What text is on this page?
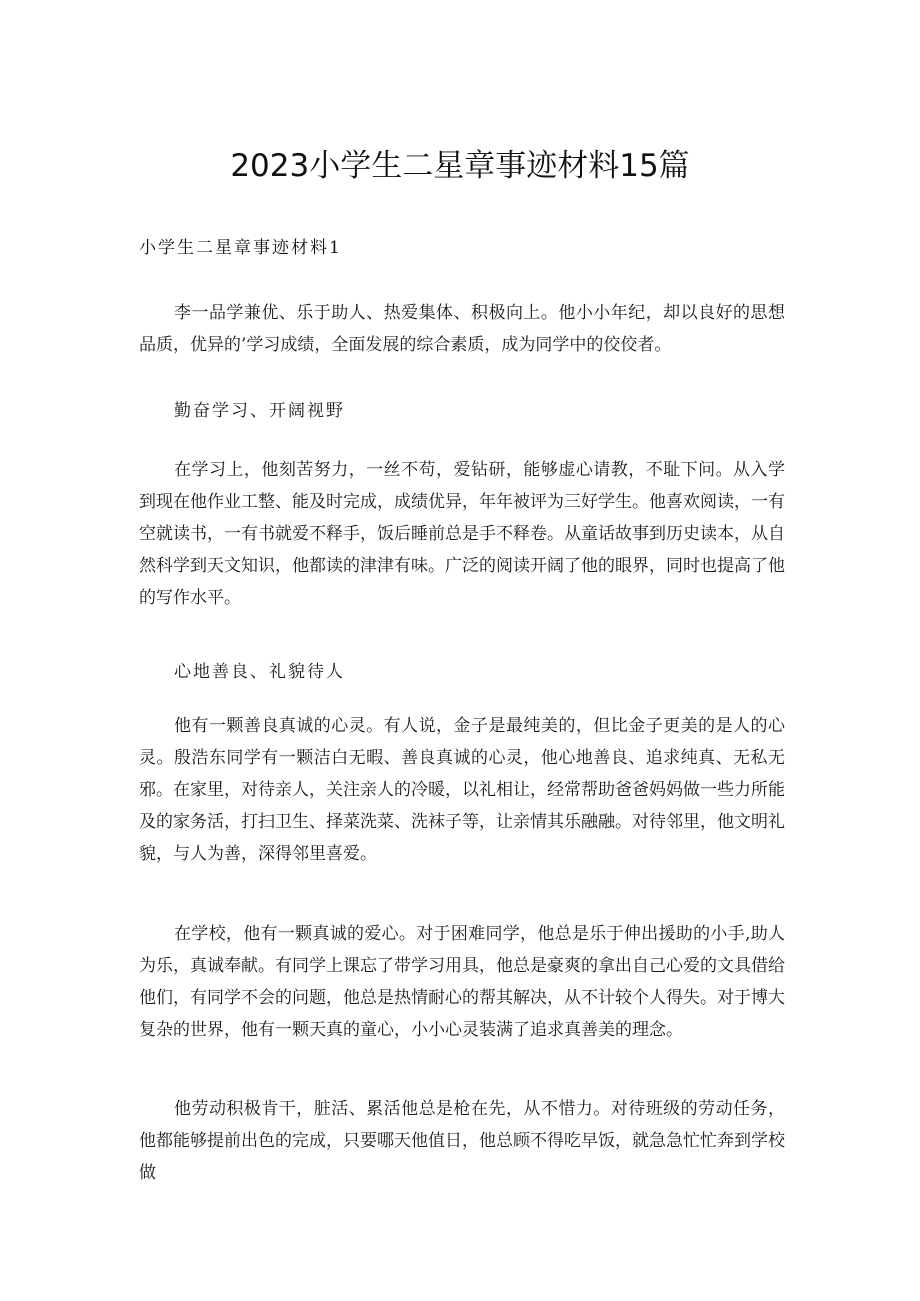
2023小学生二星章事迹材料15篇
小学生二星章事迹材料1

李一品学兼优、乐于助人、热爱集体、积极向上。他小小年纪，却以良好的思想品质，优异的’学习成绩，全面发展的综合素质，成为同学中的佼佼者。

勤奋学习、开阔视野

在学习上，他刻苦努力，一丝不苟，爱钻研，能够虚心请教，不耻下问。从入学到现在他作业工整、能及时完成，成绩优异，年年被评为三好学生。他喜欢阅读，一有空就读书，一有书就爱不释手，饭后睡前总是手不释卷。从童话故事到历史读本，从自然科学到天文知识，他都读的津津有味。广泛的阅读开阔了他的眼界，同时也提高了他的写作水平。

心地善良、礼貌待人

他有一颗善良真诚的心灵。有人说，金子是最纯美的，但比金子更美的是人的心灵。殷浩东同学有一颗洁白无暇、善良真诚的心灵，他心地善良、追求纯真、无私无邪。在家里，对待亲人，关注亲人的冷暖，以礼相让，经常帮助爸爸妈妈做一些力所能及的家务活，打扫卫生、择菜洗菜、洗袜子等，让亲情其乐融融。对待邻里，他文明礼貌，与人为善，深得邻里喜爱。

在学校，他有一颗真诚的爱心。对于困难同学，他总是乐于伸出援助的小手,助人为乐，真诚奉献。有同学上课忘了带学习用具，他总是豪爽的拿出自己心爱的文具借给他们，有同学不会的问题，他总是热情耐心的帮其解决，从不计较个人得失。对于博大复杂的世界，他有一颗天真的童心，小小心灵装满了追求真善美的理念。

他劳动积极肯干，脏活、累活他总是枪在先，从不惜力。对待班级的劳动任务，他都能够提前出色的完成，只要哪天他值日，他总顾不得吃早饭，就急急忙忙奔到学校做
